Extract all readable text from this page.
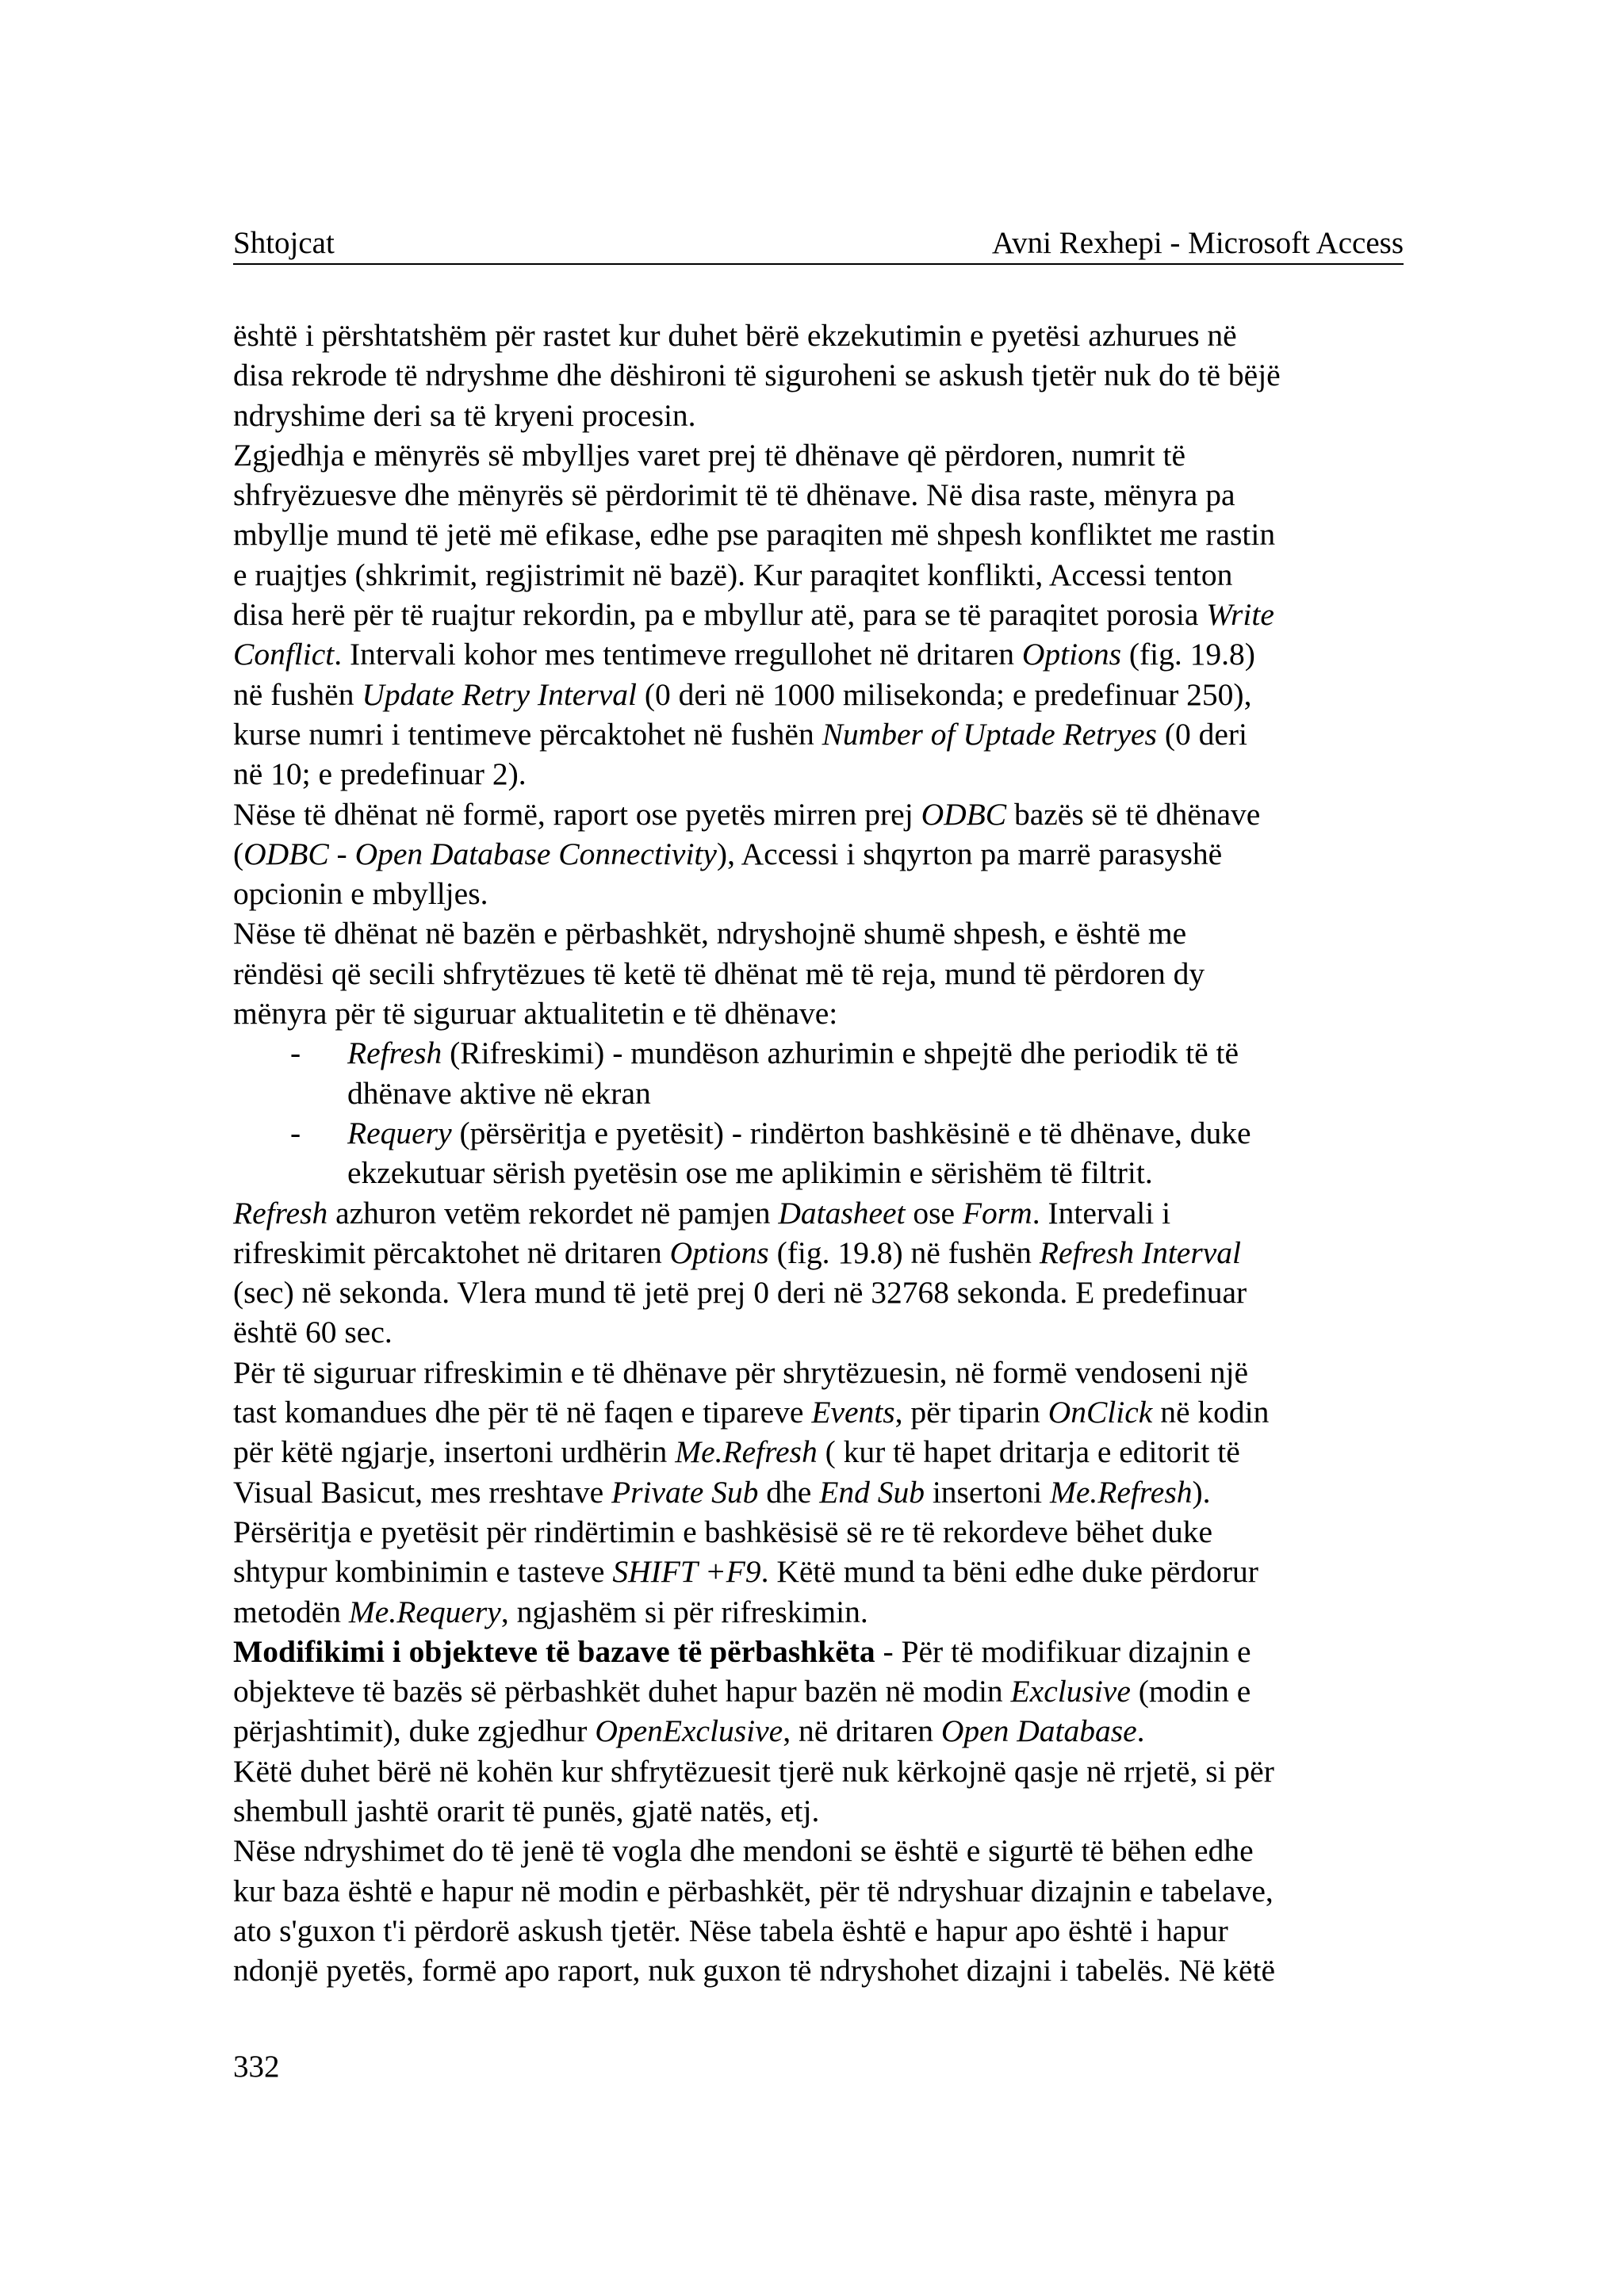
Shtojcat	Avni Rexhepi - Microsoft Access
është i përshtatshëm për rastet kur duhet bërë ekzekutimin e pyetësi azhurues në
disa rekrode të ndryshme dhe dëshironi të siguroheni se askush tjetër nuk do të bëjë
ndryshime deri sa të kryeni procesin.
Zgjedhja e mënyrës së mbylljes varet prej të dhënave që përdoren, numrit të
shfryëzuesve dhe mënyrës së përdorimit të të dhënave. Në disa raste, mënyra pa
mbyllje mund të jetë më efikase, edhe pse paraqiten më shpesh konfliktet me rastin
e ruajtjes (shkrimit, regjistrimit në bazë). Kur paraqitet konflikti, Accessi tenton
disa herë për të ruajtur rekordin, pa e mbyllur atë, para se të paraqitet porosia Write
Conflict. Intervali kohor mes tentimeve rregullohet në dritaren Options (fig. 19.8)
në fushën Update Retry Interval (0 deri në 1000 milisekonda; e predefinuar 250),
kurse numri i tentimeve përcaktohet në fushën Number of Uptade Retryes (0 deri
në 10; e predefinuar 2).
Nëse të dhënat në formë, raport ose pyetës mirren prej ODBC bazës së të dhënave
(ODBC - Open Database Connectivity), Accessi i shqyrton pa marrë parasyshë
opcionin e mbylljes.
Nëse të dhënat në bazën e përbashkët, ndryshojnë shumë shpesh, e është me
rëndësi që secili shfrytëzues të ketë të dhënat më të reja, mund të përdoren dy
mënyra për të siguruar aktualitetin e të dhënave:
- Refresh (Rifreskimi) - mundëson azhurimin e shpejtë dhe periodik të të
dhënave aktive në ekran
- Requery (përsëritja e pyetësit) - rindërton bashkësinë e të dhënave, duke
ekzekutuar sërish pyetësin ose me aplikimin e sërishëm të filtrit.
Refresh azhuron vetëm rekordet në pamjen Datasheet ose Form. Intervali i
rifreskimit përcaktohet në dritaren Options (fig. 19.8) në fushën Refresh Interval
(sec) në sekonda. Vlera mund të jetë prej 0 deri në 32768 sekonda. E predefinuar
është 60 sec.
Për të siguruar rifreskimin e të dhënave për shrytëzuesin, në formë vendoseni një
tast komandues dhe për të në faqen e tipareve Events, për tiparin OnClick në kodin
për këtë ngjarje, insertoni urdhërin Me.Refresh ( kur të hapet dritarja e editorit të
Visual Basicut, mes rreshtave Private Sub dhe End Sub insertoni Me.Refresh).
Përsëritja e pyetësit për rindërtimin e bashkësisë së re të rekordeve bëhet duke
shtypur kombinimin e tasteve SHIFT +F9. Këtë mund ta bëni edhe duke përdorur
metodën Me.Requery, ngjashëm si për rifreskimin.
Modifikimi i objekteve të bazave të përbashkëta - Për të modifikuar dizajnin e
objekteve të bazës së përbashkët duhet hapur bazën në modin Exclusive (modin e
përjashtimit), duke zgjedhur OpenExclusive, në dritaren Open Database.
Këtë duhet bërë në kohën kur shfrytëzuesit tjerë nuk kërkojnë qasje në rrjetë, si për
shembull jashtë orarit të punës, gjatë natës, etj.
Nëse ndryshimet do të jenë të vogla dhe mendoni se është e sigurtë të bëhen edhe
kur baza është e hapur në modin e përbashkët, për të ndryshuar dizajnin e tabelave,
ato s'guxon t'i përdorë askush tjetër. Nëse tabela është e hapur apo është i hapur
ndonjë pyetës, formë apo raport, nuk guxon të ndryshohet dizajni i tabelës. Në këtë
332
